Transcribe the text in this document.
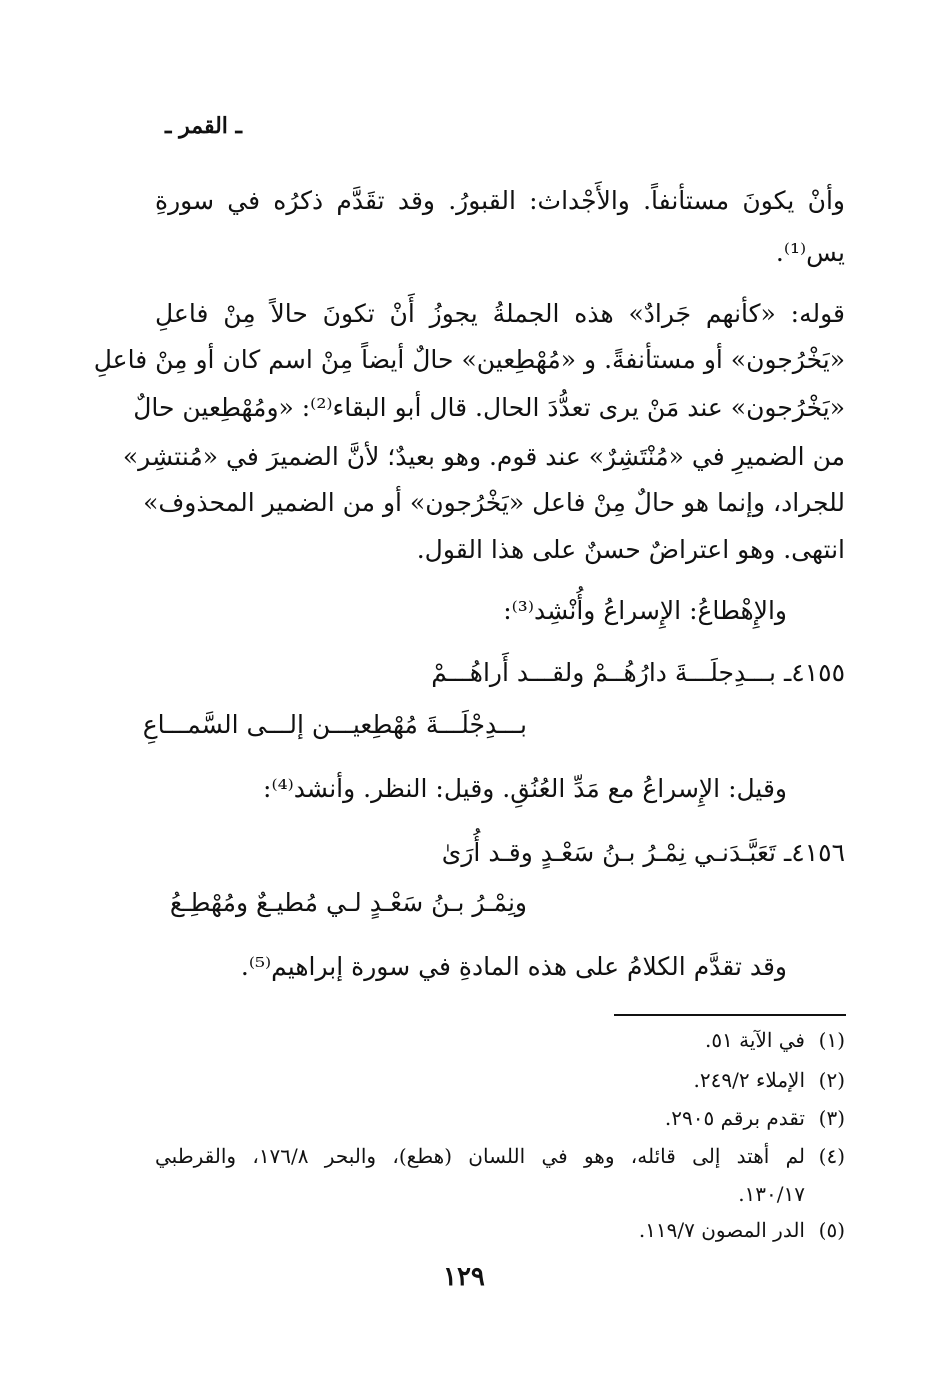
ـ القمر ـ
وأنْ يكونَ مستأنفاً. والأَجْداث: القبورُ. وقد تقَدَّم ذكرُه في سورةِ
يس⁽¹⁾.
قوله: «كأنهم جَرادٌ» هذه الجملةُ يجوزُ أَنْ تكونَ حالاً مِنْ فاعلِ
«يَخْرُجون» أو مستأنفةً. و «مُهْطِعين» حالٌ أيضاً مِنْ اسم كان أو مِنْ فاعلِ
«يَخْرُجون» عند مَنْ يرى تعدُّدَ الحال. قال أبو البقاء⁽²⁾: «ومُهْطِعين حالٌ
من الضميرِ في «مُنْتَشِرٌ» عند قوم. وهو بعيدٌ؛ لأنَّ الضميرَ في «مُنتشِر»
للجراد، وإنما هو حالٌ مِنْ فاعل «يَخْرُجون» أو من الضمير المحذوف»
انتهى. وهو اعتراضٌ حسنٌ على هذا القول.
والإِهْطاعُ: الإِسراعُ وأُنْشِد⁽³⁾:
٤١٥٥ـ بـــدِجلَـــةَ دارُهُــمْ ولقـــد أَراهُـــمْ
بـــدِجْلَـــةَ مُهْطِعيـــن إلـــى السَّمـــاعِ
وقيل: الإِسراعُ مع مَدِّ العُنُقِ. وقيل: النظر. وأنشد⁽⁴⁾:
٤١٥٦ـ تَعَبَّـدَنـي نِمْـرُ بـنُ سَعْـدٍ وقـد أُرَىٰ
ونِمْـرُ بـنُ سَعْـدٍ لـي مُطيـعٌ ومُهْطِـعُ
وقد تقدَّم الكلامُ على هذه المادةِ في سورة إبراهيم⁽⁵⁾.
(١)
في الآية ٥١.
(٢)
الإملاء ٢٤٩/٢.
(٣)
تقدم برقم ٢٩٠٥.
(٤)
لم أهتد إلى قائله، وهو في اللسان (هطع)، والبحر ١٧٦/٨، والقرطبي
١٣٠/١٧.
(٥)
الدر المصون ١١٩/٧.
١٢٩
